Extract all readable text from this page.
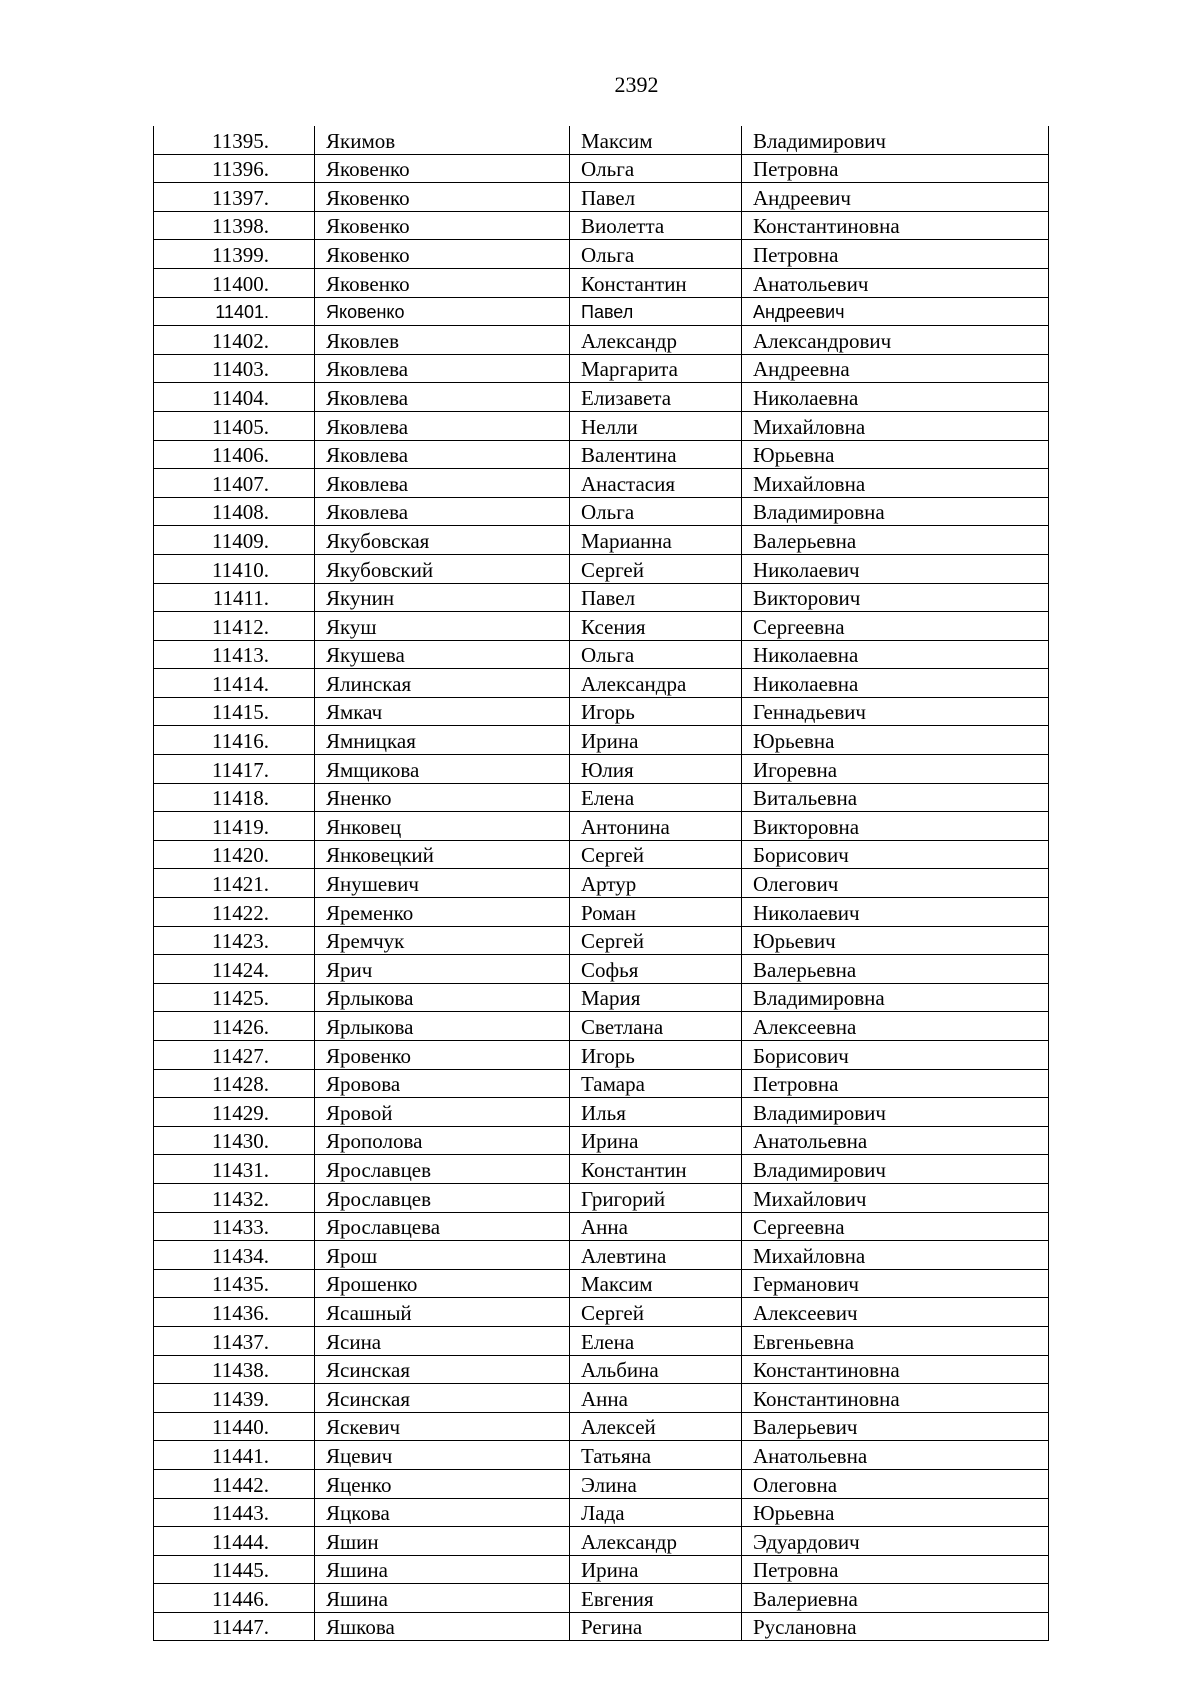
2392
11395.	Якимов	Максим	Владимирович
11396.	Яковенко	Ольга	Петровна
11397.	Яковенко	Павел	Андреевич
11398.	Яковенко	Виолетта	Константиновна
11399.	Яковенко	Ольга	Петровна
11400.	Яковенко	Константин	Анатольевич
11401.	Яковенко	Павел	Андреевич
11402.	Яковлев	Александр	Александрович
11403.	Яковлева	Маргарита	Андреевна
11404.	Яковлева	Елизавета	Николаевна
11405.	Яковлева	Нелли	Михайловна
11406.	Яковлева	Валентина	Юрьевна
11407.	Яковлева	Анастасия	Михайловна
11408.	Яковлева	Ольга	Владимировна
11409.	Якубовская	Марианна	Валерьевна
11410.	Якубовский	Сергей	Николаевич
11411.	Якунин	Павел	Викторович
11412.	Якуш	Ксения	Сергеевна
11413.	Якушева	Ольга	Николаевна
11414.	Ялинская	Александра	Николаевна
11415.	Ямкач	Игорь	Геннадьевич
11416.	Ямницкая	Ирина	Юрьевна
11417.	Ямщикова	Юлия	Игоревна
11418.	Яненко	Елена	Витальевна
11419.	Янковец	Антонина	Викторовна
11420.	Янковецкий	Сергей	Борисович
11421.	Янушевич	Артур	Олегович
11422.	Яременко	Роман	Николаевич
11423.	Яремчук	Сергей	Юрьевич
11424.	Ярич	Софья	Валерьевна
11425.	Ярлыкова	Мария	Владимировна
11426.	Ярлыкова	Светлана	Алексеевна
11427.	Яровенко	Игорь	Борисович
11428.	Яровова	Тамара	Петровна
11429.	Яровой	Илья	Владимирович
11430.	Ярополова	Ирина	Анатольевна
11431.	Ярославцев	Константин	Владимирович
11432.	Ярославцев	Григорий	Михайлович
11433.	Ярославцева	Анна	Сергеевна
11434.	Ярош	Алевтина	Михайловна
11435.	Ярошенко	Максим	Германович
11436.	Ясашный	Сергей	Алексеевич
11437.	Ясина	Елена	Евгеньевна
11438.	Ясинская	Альбина	Константиновна
11439.	Ясинская	Анна	Константиновна
11440.	Яскевич	Алексей	Валерьевич
11441.	Яцевич	Татьяна	Анатольевна
11442.	Яценко	Элина	Олеговна
11443.	Яцкова	Лада	Юрьевна
11444.	Яшин	Александр	Эдуардович
11445.	Яшина	Ирина	Петровна
11446.	Яшина	Евгения	Валериевна
11447.	Яшкова	Регина	Руслановна
